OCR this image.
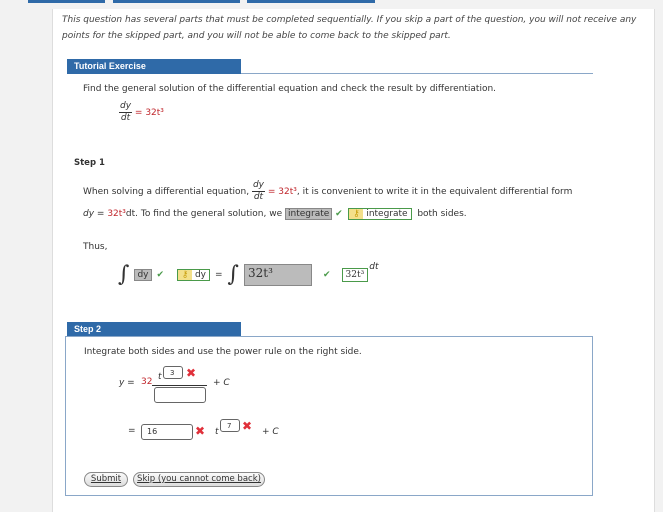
This question has several parts that must be completed sequentially. If you skip a part of the question, you will not receive any points for the skipped part, and you will not be able to come back to the skipped part.
Tutorial Exercise
Find the general solution of the differential equation and check the result by differentiation.
$\frac{dy}{dt} = 32t^3$
Step 1
When solving a differential equation, $\frac{dy}{dt} = 32t^3$, it is convenient to write it in the equivalent differential form
dy = 32t³dt. To find the general solution, we integrate ✔ ⚷ integrate both sides.
Thus,
∫ dy ✔	⚷ dy	= ∫ 32t³	✔	32t³
dt
Step 2
Integrate both sides and use the power rule on the right side.
y = 32 t	3 ✖
+ C
=	16	✖ t
7 ✖ + C
Submit	Skip (you cannot come back)
